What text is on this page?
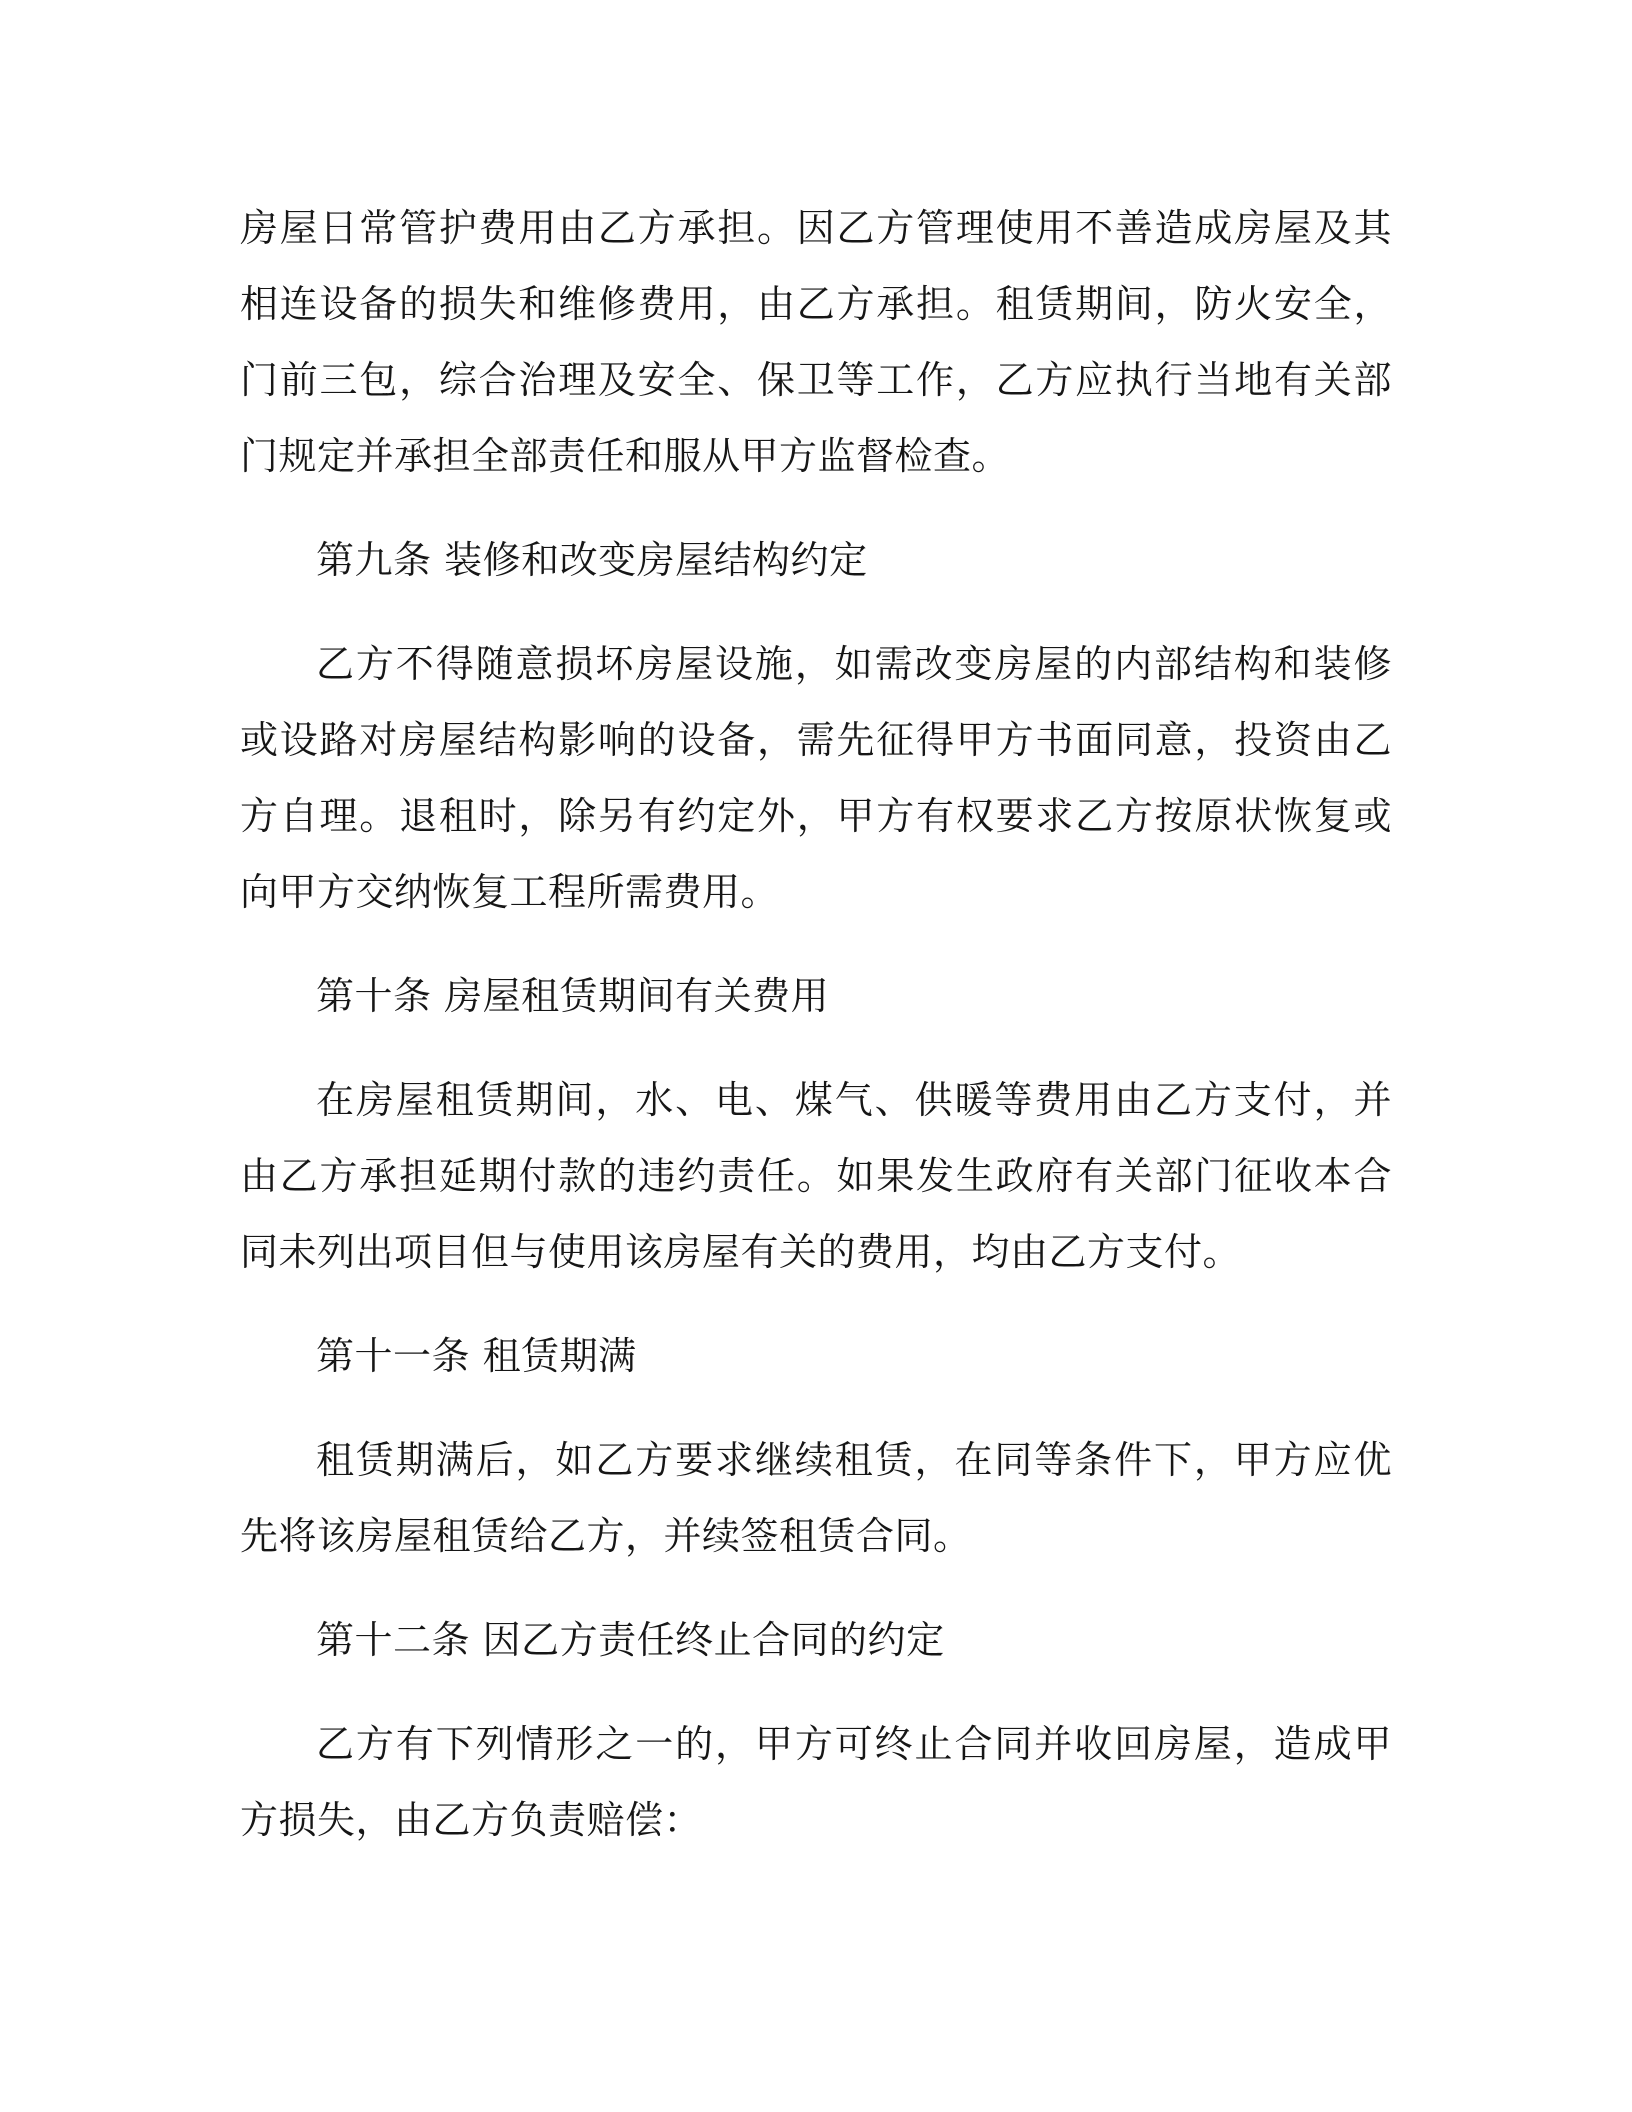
房屋日常管护费用由乙方承担。因乙方管理使用不善造成房屋及其相连设备的损失和维修费用，由乙方承担。租赁期间，防火安全，门前三包，综合治理及安全、保卫等工作，乙方应执行当地有关部门规定并承担全部责任和服从甲方监督检查。

第九条 装修和改变房屋结构约定

乙方不得随意损坏房屋设施，如需改变房屋的内部结构和装修或设路对房屋结构影响的设备，需先征得甲方书面同意，投资由乙方自理。退租时，除另有约定外，甲方有权要求乙方按原状恢复或向甲方交纳恢复工程所需费用。

第十条 房屋租赁期间有关费用

在房屋租赁期间，水、电、煤气、供暖等费用由乙方支付，并由乙方承担延期付款的违约责任。如果发生政府有关部门征收本合同未列出项目但与使用该房屋有关的费用，均由乙方支付。

第十一条 租赁期满

租赁期满后，如乙方要求继续租赁，在同等条件下，甲方应优先将该房屋租赁给乙方，并续签租赁合同。

第十二条 因乙方责任终止合同的约定

乙方有下列情形之一的，甲方可终止合同并收回房屋，造成甲方损失，由乙方负责赔偿：
